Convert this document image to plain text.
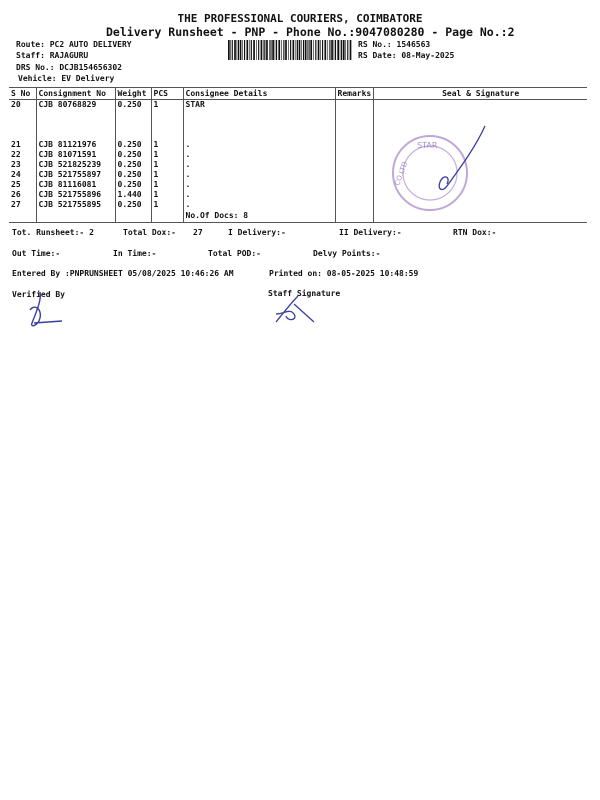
THE PROFESSIONAL COURIERS, COIMBATORE
Delivery Runsheet - PNP - Phone No.:9047080280 - Page No.:2
Route: PC2 AUTO DELIVERY
Staff: RAJAGURU
DRS No.: DCJB154656302
Vehicle: EV Delivery
RS No.: 1546563
RS Date: 08-May-2025
S No	Consignment No	Weight	PCS	Consignee Details	Remarks	Seal & Signature
20	CJB 80768829	0.250	1	STAR		

21	CJB 81121976	0.250	1	.		
22	CJB 81071591	0.250	1	.		
23	CJB 521825239	0.250	1	.		
24	CJB 521755897	0.250	1	.		
25	CJB 81116081	0.250	1	.		
26	CJB 521755896	1.440	1	.		
27	CJB 521755895	0.250	1	.		
				No.Of Docs: 8		
STAR
CO.LTD
Tot. Runsheet:- 2	Total Dox:- 27	I Delivery:-	II Delivery:-	RTN Dox:-
Out Time:-	In Time:-	Total POD:-	Delvy Points:-
Entered By :PNPRUNSHEET 05/08/2025 10:46:26 AM	Printed on: 08-05-2025 10:48:59
Verified By	Staff Signature
